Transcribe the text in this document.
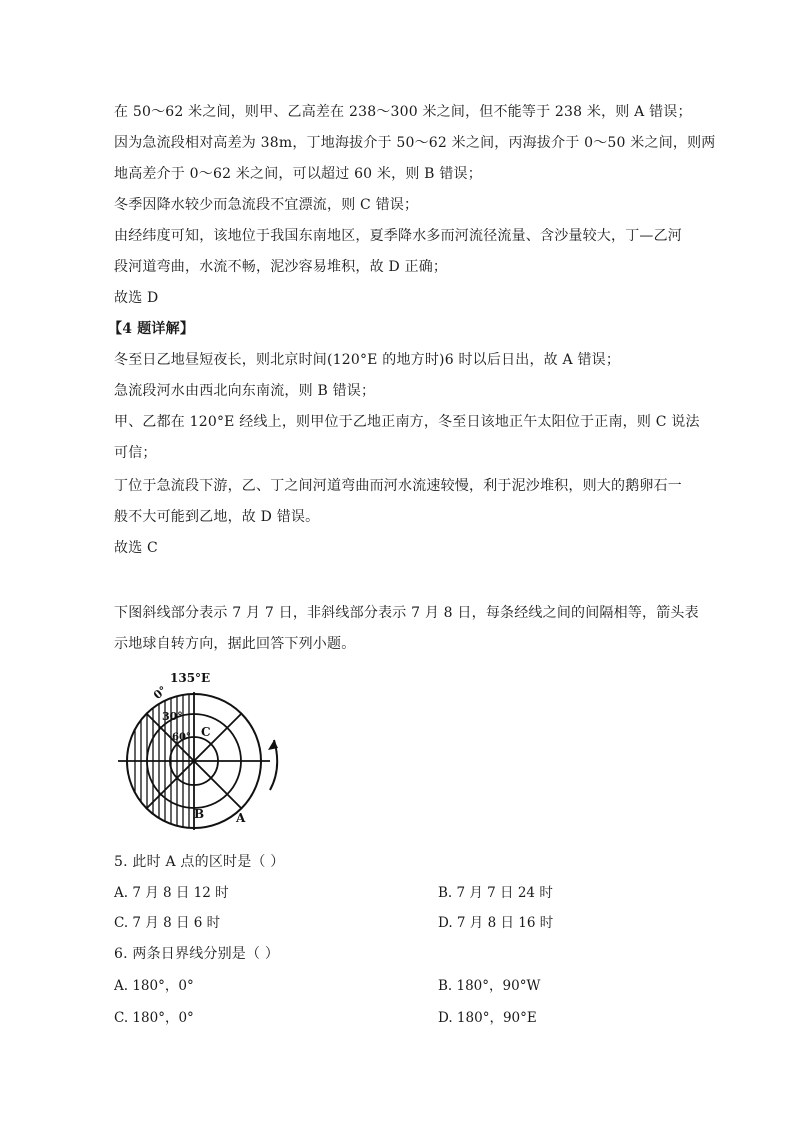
在 50～62 米之间，则甲、乙高差在 238～300 米之间，但不能等于 238 米，则 A 错误；
因为急流段相对高差为 38m，丁地海拔介于 50～62 米之间，丙海拔介于 0～50 米之间，则两
地高差介于 0～62 米之间，可以超过 60 米，则 B 错误；
冬季因降水较少而急流段不宜漂流，则 C 错误；
由经纬度可知，该地位于我国东南地区，夏季降水多而河流径流量、含沙量较大，丁—乙河
段河道弯曲，水流不畅，泥沙容易堆积，故 D 正确；
故选 D
【4 题详解】
冬至日乙地昼短夜长，则北京时间(120°E 的地方时)6 时以后日出，故 A 错误；
急流段河水由西北向东南流，则 B 错误；
甲、乙都在 120°E 经线上，则甲位于乙地正南方，冬至日该地正午太阳位于正南，则 C 说法
可信；
丁位于急流段下游，乙、丁之间河道弯曲而河水流速较慢，利于泥沙堆积，则大的鹅卵石一
般不大可能到乙地，故 D 错误。
故选 C
下图斜线部分表示 7 月 7 日，非斜线部分表示 7 月 8 日，每条经线之间的间隔相等，箭头表
示地球自转方向，据此回答下列小题。
135°E
0°
30°
60° C
B	A
5. 此时 A 点的区时是（ ）
A. 7 月 8 日 12 时	B. 7 月 7 日 24 时
C. 7 月 8 日 6 时	D. 7 月 8 日 16 时
6. 两条日界线分别是（ ）
A. 180°，0°	B. 180°，90°W
C. 180°，0°	D. 180°，90°E
